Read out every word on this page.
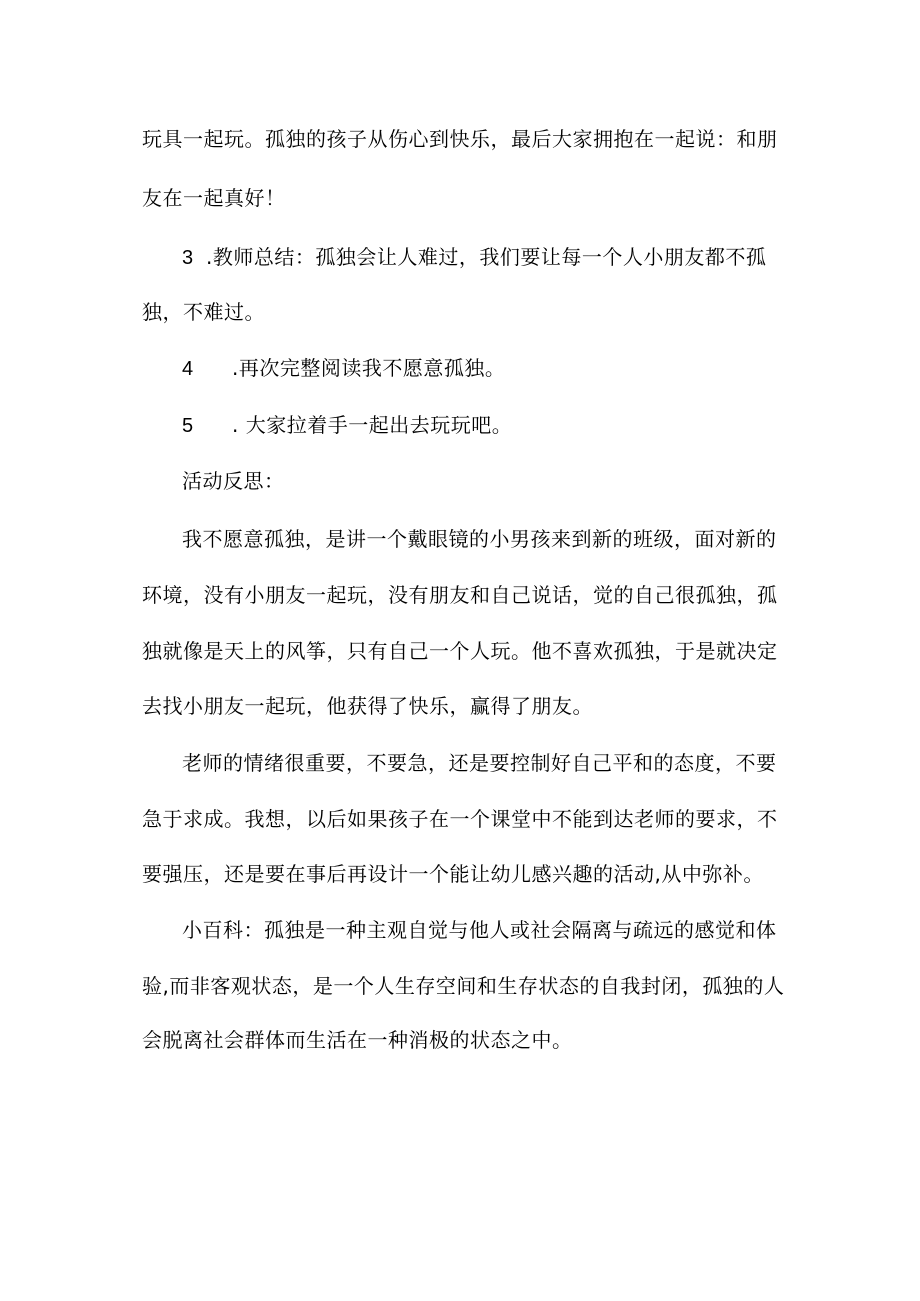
玩具一起玩。孤独的孩子从伤心到快乐，最后大家拥抱在一起说：和朋
友在一起真好！
3 .教师总结：孤独会让人难过，我们要让每一个人小朋友都不孤
独，不难过。
4 .再次完整阅读我不愿意孤独。
5 . 大家拉着手一起出去玩玩吧。
活动反思：
我不愿意孤独，是讲一个戴眼镜的小男孩来到新的班级，面对新的
环境，没有小朋友一起玩，没有朋友和自己说话，觉的自己很孤独，孤
独就像是天上的风筝，只有自己一个人玩。他不喜欢孤独，于是就决定
去找小朋友一起玩，他获得了快乐，赢得了朋友。
老师的情绪很重要，不要急，还是要控制好自己平和的态度，不要
急于求成。我想，以后如果孩子在一个课堂中不能到达老师的要求，不
要强压，还是要在事后再设计一个能让幼儿感兴趣的活动,从中弥补。
小百科：孤独是一种主观自觉与他人或社会隔离与疏远的感觉和体
验,而非客观状态，是一个人生存空间和生存状态的自我封闭，孤独的人
会脱离社会群体而生活在一种消极的状态之中。
